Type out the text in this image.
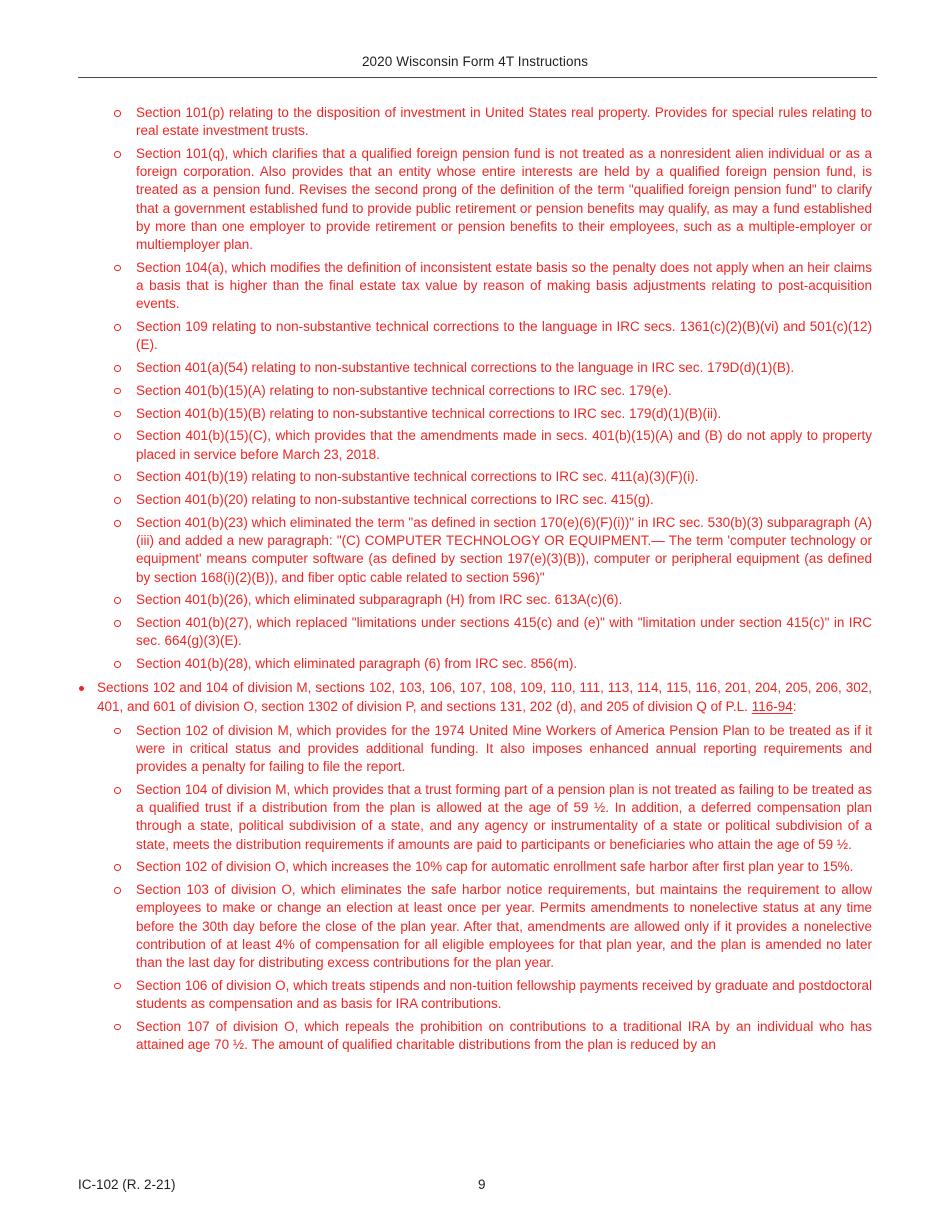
2020 Wisconsin Form 4T Instructions
Section 101(p) relating to the disposition of investment in United States real property. Provides for special rules relating to real estate investment trusts.
Section 101(q), which clarifies that a qualified foreign pension fund is not treated as a nonresident alien individual or as a foreign corporation. Also provides that an entity whose entire interests are held by a qualified foreign pension fund, is treated as a pension fund. Revises the second prong of the definition of the term "qualified foreign pension fund" to clarify that a government established fund to provide public retirement or pension benefits may qualify, as may a fund established by more than one employer to provide retirement or pension benefits to their employees, such as a multiple-employer or multiemployer plan.
Section 104(a), which modifies the definition of inconsistent estate basis so the penalty does not apply when an heir claims a basis that is higher than the final estate tax value by reason of making basis adjustments relating to post-acquisition events.
Section 109 relating to non-substantive technical corrections to the language in IRC secs. 1361(c)(2)(B)(vi) and 501(c)(12)(E).
Section 401(a)(54) relating to non-substantive technical corrections to the language in IRC sec. 179D(d)(1)(B).
Section 401(b)(15)(A) relating to non-substantive technical corrections to IRC sec. 179(e).
Section 401(b)(15)(B) relating to non-substantive technical corrections to IRC sec. 179(d)(1)(B)(ii).
Section 401(b)(15)(C), which provides that the amendments made in secs. 401(b)(15)(A) and (B) do not apply to property placed in service before March 23, 2018.
Section 401(b)(19) relating to non-substantive technical corrections to IRC sec. 411(a)(3)(F)(i).
Section 401(b)(20) relating to non-substantive technical corrections to IRC sec. 415(g).
Section 401(b)(23) which eliminated the term "as defined in section 170(e)(6)(F)(i))" in IRC sec. 530(b)(3) subparagraph (A)(iii) and added a new paragraph: "(C) COMPUTER TECHNOLOGY OR EQUIPMENT.— The term 'computer technology or equipment' means computer software (as defined by section 197(e)(3)(B)), computer or peripheral equipment (as defined by section 168(i)(2)(B)), and fiber optic cable related to section 596)"
Section 401(b)(26), which eliminated subparagraph (H) from IRC sec. 613A(c)(6).
Section 401(b)(27), which replaced "limitations under sections 415(c) and (e)" with "limitation under section 415(c)" in IRC sec. 664(g)(3)(E).
Section 401(b)(28), which eliminated paragraph (6) from IRC sec. 856(m).
Sections 102 and 104 of division M, sections 102, 103, 106, 107, 108, 109, 110, 111, 113, 114, 115, 116, 201, 204, 205, 206, 302, 401, and 601 of division O, section 1302 of division P, and sections 131, 202 (d), and 205 of division Q of P.L. 116-94:
Section 102 of division M, which provides for the 1974 United Mine Workers of America Pension Plan to be treated as if it were in critical status and provides additional funding. It also imposes enhanced annual reporting requirements and provides a penalty for failing to file the report.
Section 104 of division M, which provides that a trust forming part of a pension plan is not treated as failing to be treated as a qualified trust if a distribution from the plan is allowed at the age of 59 ½. In addition, a deferred compensation plan through a state, political subdivision of a state, and any agency or instrumentality of a state or political subdivision of a state, meets the distribution requirements if amounts are paid to participants or beneficiaries who attain the age of 59 ½.
Section 102 of division O, which increases the 10% cap for automatic enrollment safe harbor after first plan year to 15%.
Section 103 of division O, which eliminates the safe harbor notice requirements, but maintains the requirement to allow employees to make or change an election at least once per year. Permits amendments to nonelective status at any time before the 30th day before the close of the plan year. After that, amendments are allowed only if it provides a nonelective contribution of at least 4% of compensation for all eligible employees for that plan year, and the plan is amended no later than the last day for distributing excess contributions for the plan year.
Section 106 of division O, which treats stipends and non-tuition fellowship payments received by graduate and postdoctoral students as compensation and as basis for IRA contributions.
Section 107 of division O, which repeals the prohibition on contributions to a traditional IRA by an individual who has attained age 70 ½. The amount of qualified charitable distributions from the plan is reduced by an
IC-102 (R. 2-21)	9
